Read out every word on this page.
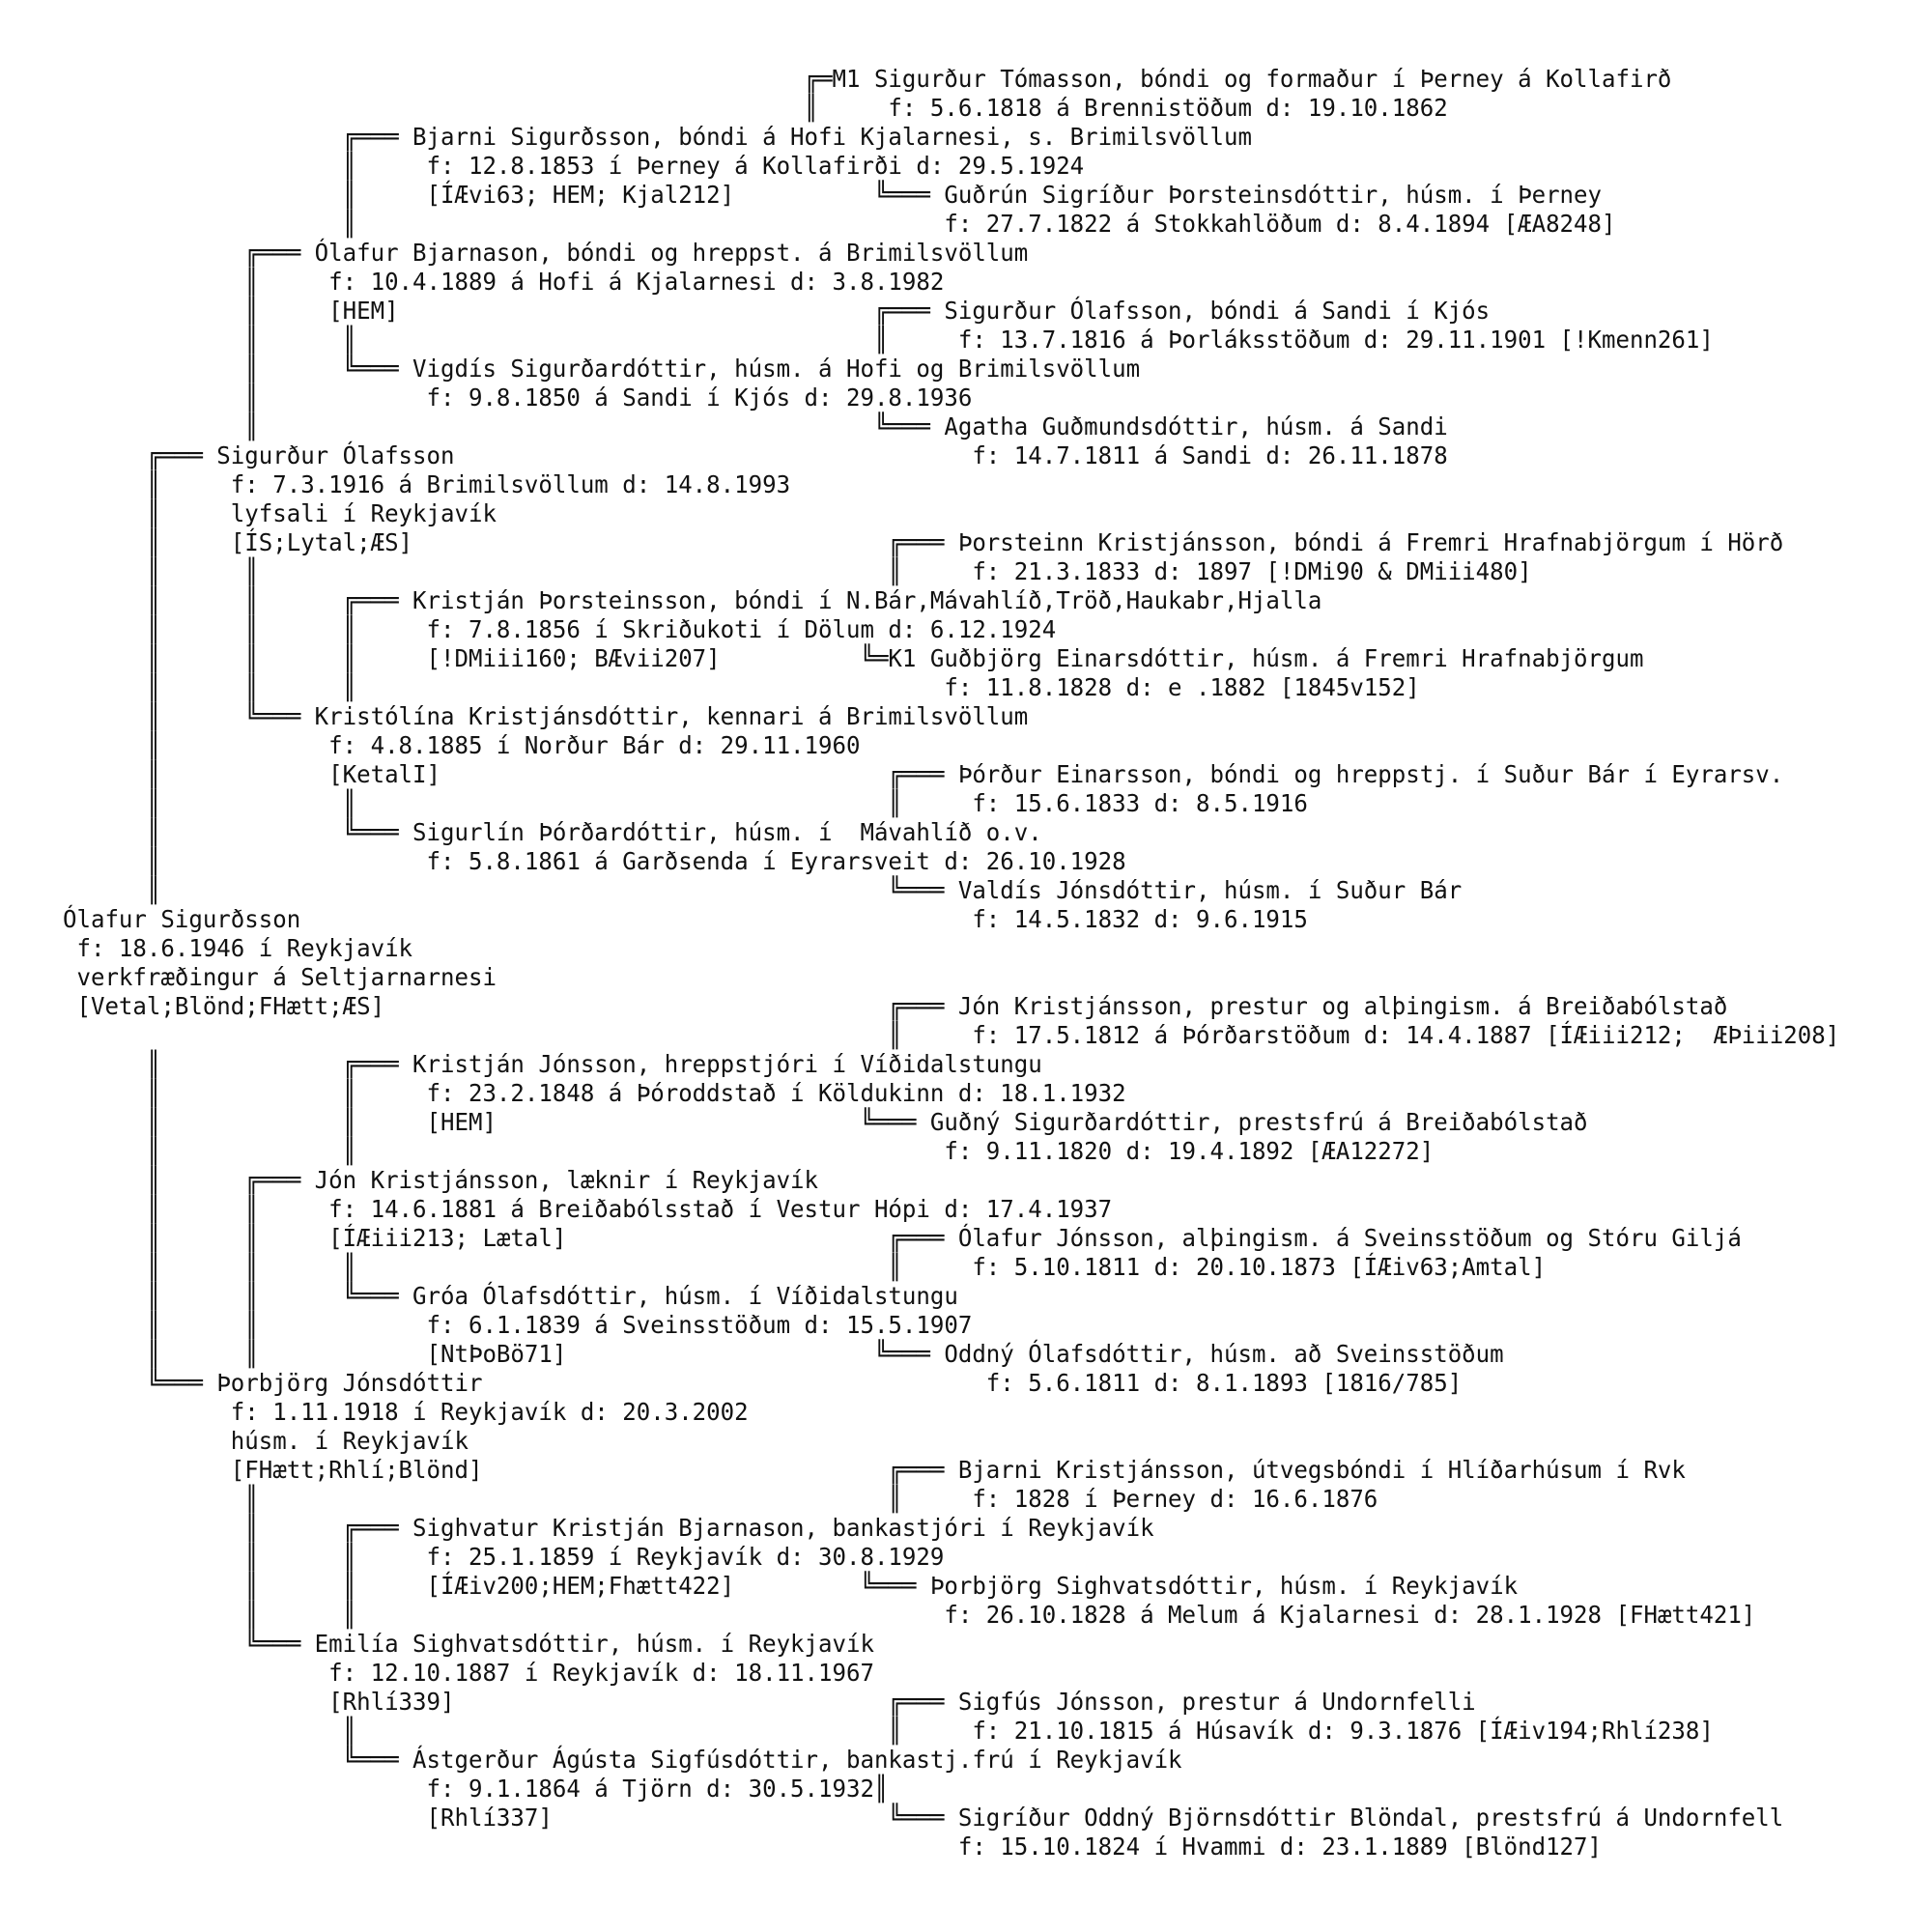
╔═M1 Sigurður Tómasson, bóndi og formaður í Þerney á Kollafirð
║     f: 5.6.1818 á Brennistöðum d: 19.10.1862
╔═══ Bjarni Sigurðsson, bóndi á Hofi Kjalarnesi, s. Brimilsvöllum
║     f: 12.8.1853 í Þerney á Kollafirði d: 29.5.1924
║     [ÍÆvi63; HEM; Kjal212]          ╚═══ Guðrún Sigríður Þorsteinsdóttir, húsm. í Þerney
║                                          f: 27.7.1822 á Stokkahlöðum d: 8.4.1894 [ÆA8248]
╔═══ Ólafur Bjarnason, bóndi og hreppst. á Brimilsvöllum
║     f: 10.4.1889 á Hofi á Kjalarnesi d: 3.8.1982
║     [HEM]                                  ╔═══ Sigurður Ólafsson, bóndi á Sandi í Kjós
║      ║                                     ║     f: 13.7.1816 á Þorláksstöðum d: 29.11.1901 [!Kmenn261]
║      ╚═══ Vigdís Sigurðardóttir, húsm. á Hofi og Brimilsvöllum
║            f: 9.8.1850 á Sandi í Kjós d: 29.8.1936
║                                            ╚═══ Agatha Guðmundsdóttir, húsm. á Sandi
╔═══ Sigurður Ólafsson                                     f: 14.7.1811 á Sandi d: 26.11.1878
║     f: 7.3.1916 á Brimilsvöllum d: 14.8.1993
║     lyfsali í Reykjavík
║     [ÍS;Lytal;ÆS]                                  ╔═══ Þorsteinn Kristjánsson, bóndi á Fremri Hrafnabjörgum í Hörð
║      ║                                             ║     f: 21.3.1833 d: 1897 [!DMi90 & DMiii480]
║      ║      ╔═══ Kristján Þorsteinsson, bóndi í N.Bár,Mávahlíð,Tröð,Haukabr,Hjalla
║      ║      ║     f: 7.8.1856 í Skriðukoti í Dölum d: 6.12.1924
║      ║      ║     [!DMiii160; BÆvii207]          ╚═K1 Guðbjörg Einarsdóttir, húsm. á Fremri Hrafnabjörgum
║      ║      ║                                          f: 11.8.1828 d: e .1882 [1845v152]
║      ╚═══ Kristólína Kristjánsdóttir, kennari á Brimilsvöllum
║            f: 4.8.1885 í Norður Bár d: 29.11.1960
║            [KetalI]                                ╔═══ Þórður Einarsson, bóndi og hreppstj. í Suður Bár í Eyrarsv.
║             ║                                      ║     f: 15.6.1833 d: 8.5.1916
║             ╚═══ Sigurlín Þórðardóttir, húsm. í  Mávahlíð o.v.
║                   f: 5.8.1861 á Garðsenda í Eyrarsveit d: 26.10.1928
║                                                    ╚═══ Valdís Jónsdóttir, húsm. í Suður Bár
Ólafur Sigurðsson                                                f: 14.5.1832 d: 9.6.1915
f: 18.6.1946 í Reykjavík
verkfræðingur á Seltjarnarnesi
[Vetal;Blönd;FHætt;ÆS]                                    ╔═══ Jón Kristjánsson, prestur og alþingism. á Breiðabólstað
║     f: 17.5.1812 á Þórðarstöðum d: 14.4.1887 [ÍÆiii212;  ÆÞiii208]
║             ╔═══ Kristján Jónsson, hreppstjóri í Víðidalstungu
║             ║     f: 23.2.1848 á Þóroddstað í Köldukinn d: 18.1.1932
║             ║     [HEM]                          ╚═══ Guðný Sigurðardóttir, prestsfrú á Breiðabólstað
║             ║                                          f: 9.11.1820 d: 19.4.1892 [ÆA12272]
║      ╔═══ Jón Kristjánsson, læknir í Reykjavík
║      ║     f: 14.6.1881 á Breiðabólsstað í Vestur Hópi d: 17.4.1937
║      ║     [ÍÆiii213; Lætal]                       ╔═══ Ólafur Jónsson, alþingism. á Sveinsstöðum og Stóru Giljá
║      ║      ║                                      ║     f: 5.10.1811 d: 20.10.1873 [ÍÆiv63;Amtal]
║      ║      ╚═══ Gróa Ólafsdóttir, húsm. í Víðidalstungu
║      ║            f: 6.1.1839 á Sveinsstöðum d: 15.5.1907
║      ║            [NtÞoBö71]                      ╚═══ Oddný Ólafsdóttir, húsm. að Sveinsstöðum
╚═══ Þorbjörg Jónsdóttir                                    f: 5.6.1811 d: 8.1.1893 [1816/785]
f: 1.11.1918 í Reykjavík d: 20.3.2002
húsm. í Reykjavík
[FHætt;Rhlí;Blönd]                             ╔═══ Bjarni Kristjánsson, útvegsbóndi í Hlíðarhúsum í Rvk
║                                             ║     f: 1828 í Þerney d: 16.6.1876
║      ╔═══ Sighvatur Kristján Bjarnason, bankastjóri í Reykjavík
║      ║     f: 25.1.1859 í Reykjavík d: 30.8.1929
║      ║     [ÍÆiv200;HEM;Fhætt422]         ╚═══ Þorbjörg Sighvatsdóttir, húsm. í Reykjavík
║      ║                                          f: 26.10.1828 á Melum á Kjalarnesi d: 28.1.1928 [FHætt421]
╚═══ Emilía Sighvatsdóttir, húsm. í Reykjavík
f: 12.10.1887 í Reykjavík d: 18.11.1967
[Rhlí339]                               ╔═══ Sigfús Jónsson, prestur á Undornfelli
║                                      ║     f: 21.10.1815 á Húsavík d: 9.3.1876 [ÍÆiv194;Rhlí238]
╚═══ Ástgerður Ágústa Sigfúsdóttir, bankastj.frú í Reykjavík
f: 9.1.1864 á Tjörn d: 30.5.1932║
[Rhlí337]                        ╚═══ Sigríður Oddný Björnsdóttir Blöndal, prestsfrú á Undornfell
f: 15.10.1824 í Hvammi d: 23.1.1889 [Blönd127]
